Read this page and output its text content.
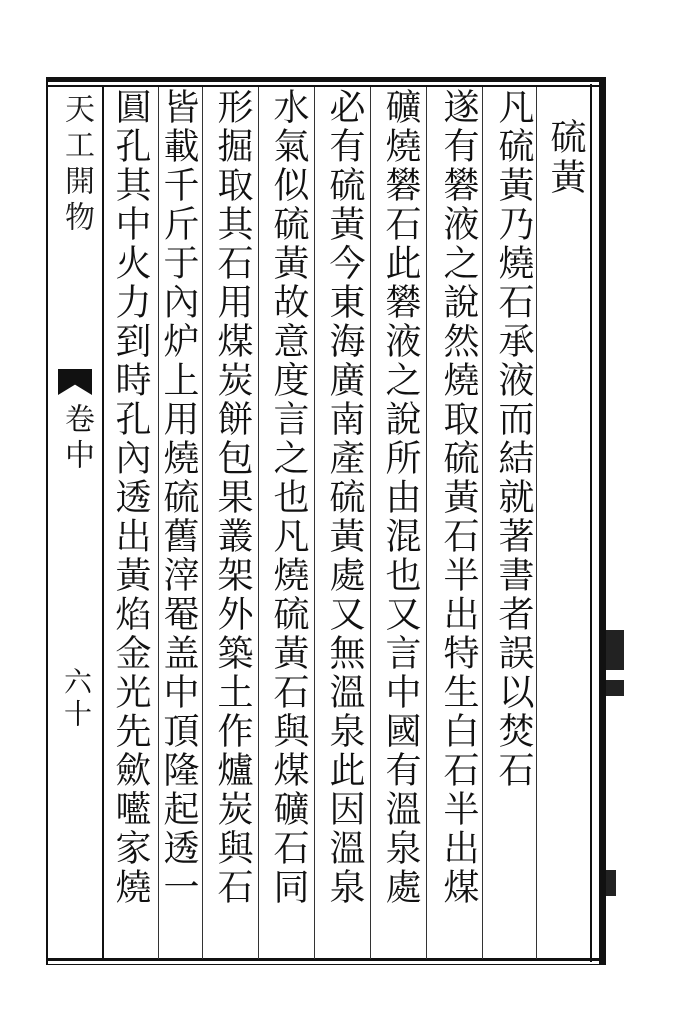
天工開物
卷中
六十
硫黃
凡硫黃乃燒石承液而結就著書者誤以焚石
遂有礬液之說然燒取硫黃石半出特生白石半出煤
礦燒礬石此礬液之說所由混也又言中國有溫泉處
必有硫黃今東海廣南產硫黃處又無溫泉此因溫泉
水氣似硫黃故意度言之也凡燒硫黃石與煤礦石同
形掘取其石用煤炭餅包果叢架外築土作爐炭與石
皆載千斤于內炉上用燒硫舊滓罨盖中頂隆起透一
圓孔其中火力到時孔內透出黃焰金光先歛㘕家燒
